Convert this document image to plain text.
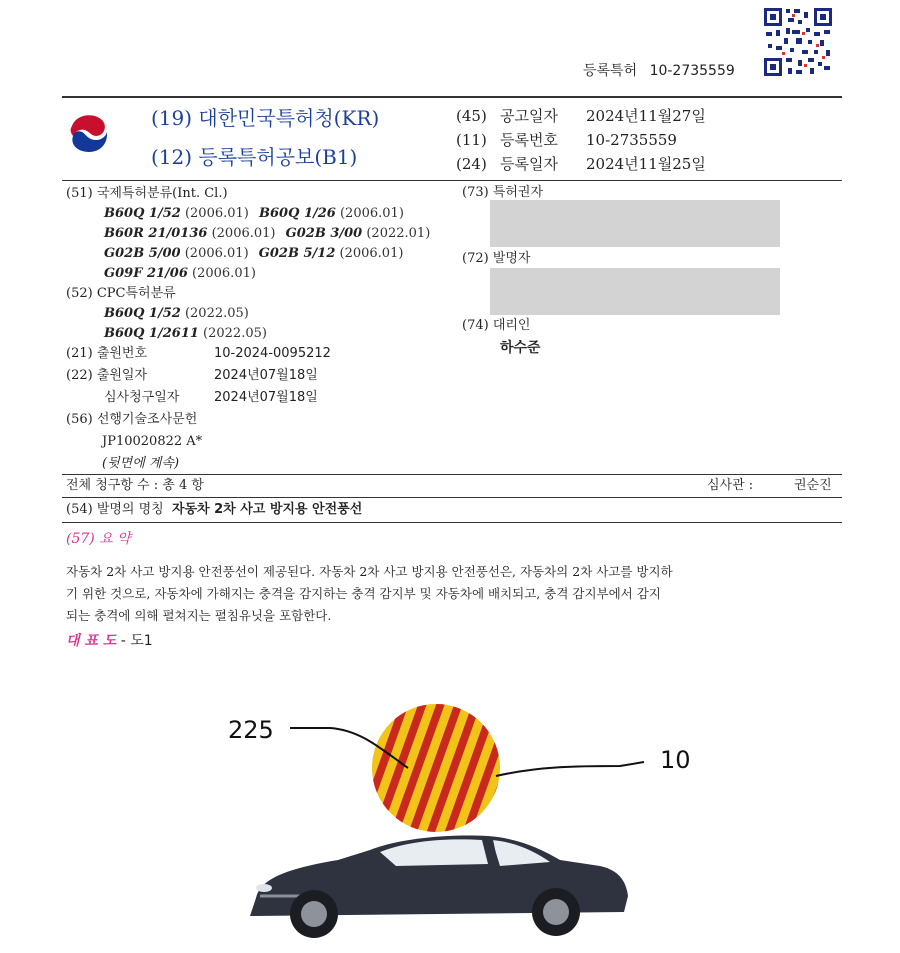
등록특허 10-2735559
(19) 대한민국특허청(KR)
(12) 등록특허공보(B1)
(45) 공고일자 2024년11월27일
(11) 등록번호 10-2735559
(24) 등록일자 2024년11월25일
(51) 국제특허분류(Int. Cl.)
B60Q 1/52 (2006.01) B60Q 1/26 (2006.01)
B60R 21/0136 (2006.01) G02B 3/00 (2022.01)
G02B 5/00 (2006.01) G02B 5/12 (2006.01)
G09F 21/06 (2006.01)
(52) CPC특허분류
B60Q 1/52 (2022.05)
B60Q 1/2611 (2022.05)
(21) 출원번호	10-2024-0095212
(22) 출원일자	2024년07월18일
심사청구일자	2024년07월18일
(56) 선행기술조사문헌
JP10020822 A*
(뒷면에 계속)
(73) 특허권자
(72) 발명자
(74) 대리인
하수준
전체 청구항 수 : 총 4 항	심사관 :	권순진
(54) 발명의 명칭 자동차 2차 사고 방지용 안전풍선
(57) 요 약
자동차 2차 사고 방지용 안전풍선이 제공된다. 자동차 2차 사고 방지용 안전풍선은, 자동차의 2차 사고를 방지하
기 위한 것으로, 자동차에 가해지는 충격을 감지하는 충격 감지부 및 자동차에 배치되고, 충격 감지부에서 감지
되는 충격에 의해 펼쳐지는 펼침유닛을 포함한다.
대 표 도 - 도1
225
10
